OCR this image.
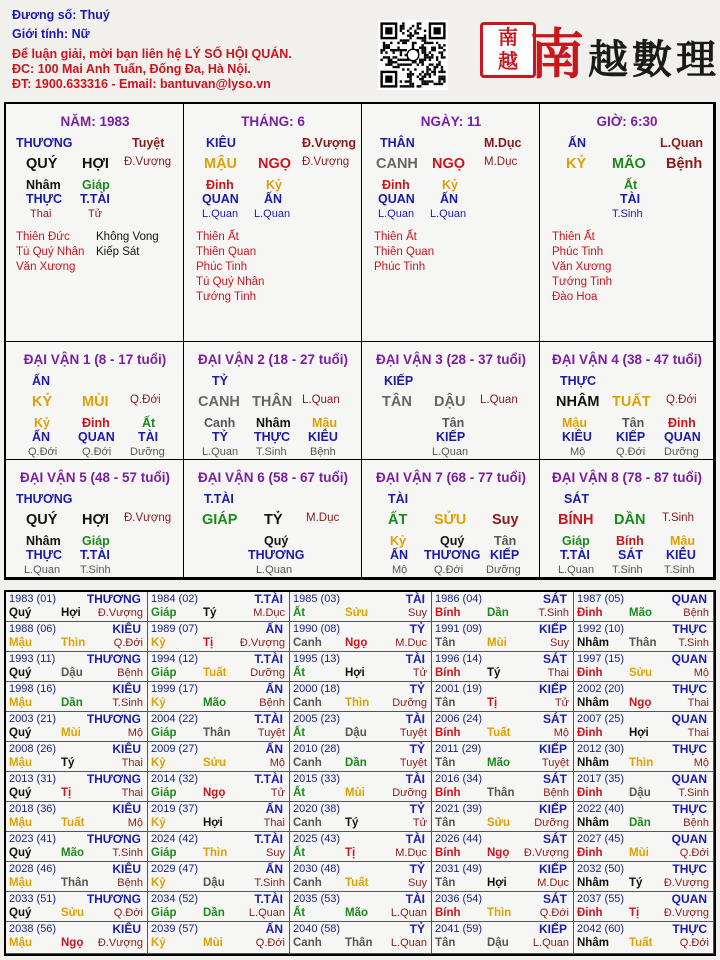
Đương số: Thuý
Giới tính: Nữ
Để luận giải, mời bạn liên hệ LÝ SỐ HỘI QUÁN.
ĐC: 100 Mai Anh Tuấn, Đống Đa, Hà Nội.
ĐT: 1900.633316 - Email: bantuvan@lyso.vn
南
越 南越數理
NĂM: 1983
THƯƠNG	Tuyệt
QUÝ HỢI Đ.Vượng
Nhâm Giáp
THỰC T.TÀI
Thai	Tử
Thiên Đức Không Vong
Tú Quý Nhân Kiếp Sát
Văn Xương
THÁNG: 6
KIÊU	Đ.Vượng
MẬU NGỌ Đ.Vượng
Đinh	Kỷ
QUAN ẤN
L.Quan L.Quan
Thiên Ất
Thiên Quan
Phúc Tinh
Tú Quý Nhân
Tướng Tinh
NGÀY: 11
THÂN	M.Dục
CANH NGỌ M.Dục
Đinh	Kỷ
QUAN ẤN
L.Quan L.Quan
Thiên Ất
Thiên Quan
Phúc Tinh
GIỜ: 6:30
ẤN	L.Quan
KỶ MÃO Bệnh
Ất
TÀI
T.Sinh
Thiên Ất
Phúc Tinh
Văn Xương
Tướng Tinh
Đào Hoa
ĐẠI VẬN 1 (8 - 17 tuổi)
ẤN
KỶ MÙI Q.Đới
Kỷ	Đinh	Ất
ẤN QUAN TÀI
Q.Đới Q.Đới Dưỡng
ĐẠI VẬN 2 (18 - 27 tuổi)
TỶ
CANH THÂN L.Quan
Canh Nhâm Mậu
TỶ THỰC KIÊU
L.Quan T.Sinh Bệnh
ĐẠI VẬN 3 (28 - 37 tuổi)
KIẾP
TÂN DẬU L.Quan
Tân
KIẾP
L.Quan
ĐẠI VẬN 4 (38 - 47 tuổi)
THỰC
NHÂM TUẤT Q.Đới
Mậu	Tân Đinh
KIÊU KIẾP QUAN
Mộ	Q.Đới Dưỡng
ĐẠI VẬN 5 (48 - 57 tuổi)
THƯƠNG
QUÝ HỢI Đ.Vượng
Nhâm Giáp
THỰC T.TÀI
L.Quan T.Sinh
ĐẠI VẬN 6 (58 - 67 tuổi)
T.TÀI
GIÁP TỶ M.Dục
Quý
THƯƠNG
L.Quan
ĐẠI VẬN 7 (68 - 77 tuổi)
TÀI
ẤT SỬU Suy
Kỷ	Quý Tân
ẤN THƯƠNG KIẾP
Mộ Q.Đới Dưỡng
ĐẠI VẬN 8 (78 - 87 tuổi)
SÁT
BÍNH DẦN T.Sinh
Giáp Bính Mậu
T.TÀI SÁT KIÊU
L.Quan T.Sinh T.Sinh
1983 (01)	THƯƠNG
Quý	Hợi Đ.Vượng
1984 (02)	T.TÀI
Giáp Tý	M.Dục
1985 (03)	TÀI
Ất	Sửu	Suy
1986 (04)	SÁT
Bính Dần	T.Sinh
1987 (05)	QUAN
Đinh Mão	Bệnh
1988 (06)	KIÊU
Mậu	Thìn	Q.Đới
1989 (07)	ẤN
Kỷ	Tị Đ.Vượng
1990 (08)	TỶ
Canh Ngọ	M.Dục
1991 (09)	KIẾP
Tân	Mùi	Suy
1992 (10)	THỰC
Nhâm Thân T.Sinh
1993 (11)	THƯƠNG
Quý	Dậu	Bệnh
1994 (12)	T.TÀI
Giáp Tuất Dưỡng
1995 (13)	TÀI
Ất	Hợi	Tử
1996 (14)	SÁT
Bính Tý	Thai
1997 (15)	QUAN
Đinh Sửu	Mộ
1998 (16)	KIÊU
Mậu	Dần	T.Sinh
1999 (17)	ẤN
Kỷ	Mão	Bệnh
2000 (18)	TỶ
Canh Thìn Dưỡng
2001 (19)	KIẾP
Tân	Tị	Tử
2002 (20)	THỰC
Nhâm Ngọ	Thai
2003 (21)	THƯƠNG
Quý	Mùi	Mộ
2004 (22)	T.TÀI
Giáp Thân Tuyệt
2005 (23)	TÀI
Ất	Dậu	Tuyệt
2006 (24)	SÁT
Bính Tuất	Mộ
2007 (25)	QUAN
Đinh Hợi	Thai
2008 (26)	KIÊU
Mậu	Tý	Thai
2009 (27)	ẤN
Kỷ	Sửu	Mộ
2010 (28)	TỶ
Canh Dần	Tuyệt
2011 (29)	KIẾP
Tân	Mão	Tuyệt
2012 (30)	THỰC
Nhâm Thìn	Mộ
2013 (31)	THƯƠNG
Quý	Tị	Thai
2014 (32)	T.TÀI
Giáp Ngọ	Tử
2015 (33)	TÀI
Ất	Mùi Dưỡng
2016 (34)	SÁT
Bính Thân	Bệnh
2017 (35)	QUAN
Đinh Dậu	T.Sinh
2018 (36)	KIÊU
Mậu	Tuất	Mộ
2019 (37)	ẤN
Kỷ	Hợi	Thai
2020 (38)	TỶ
Canh Tý	Tử
2021 (39)	KIẾP
Tân	Sửu Dưỡng
2022 (40)	THỰC
Nhâm Dần	Bệnh
2023 (41)	THƯƠNG
Quý	Mão	T.Sinh
2024 (42)	T.TÀI
Giáp Thìn	Suy
2025 (43)	TÀI
Ất	Tị	M.Dục
2026 (44)	SÁT
Bính Ngọ Đ.Vượng
2027 (45)	QUAN
Đinh Mùi	Q.Đới
2028 (46)	KIÊU
Mậu	Thân	Bệnh
2029 (47)	ẤN
Kỷ	Dậu	T.Sinh
2030 (48)	TỶ
Canh Tuất	Suy
2031 (49)	KIẾP
Tân	Hợi	M.Dục
2032 (50)	THỰC
Nhâm Tý Đ.Vượng
2033 (51)	THƯƠNG
Quý	Sửu	Q.Đới
2034 (52)	T.TÀI
Giáp Dần L.Quan
2035 (53)	TÀI
Ất	Mão L.Quan
2036 (54)	SÁT
Bính Thìn	Q.Đới
2037 (55)	QUAN
Đinh Tị Đ.Vượng
2038 (56)	KIÊU
Mậu	Ngọ Đ.Vượng
2039 (57)	ẤN
Kỷ	Mùi	Q.Đới
2040 (58)	TỶ
Canh Thân L.Quan
2041 (59)	KIẾP
Tân	Dậu L.Quan
2042 (60)	THỰC
Nhâm Tuất Q.Đới
